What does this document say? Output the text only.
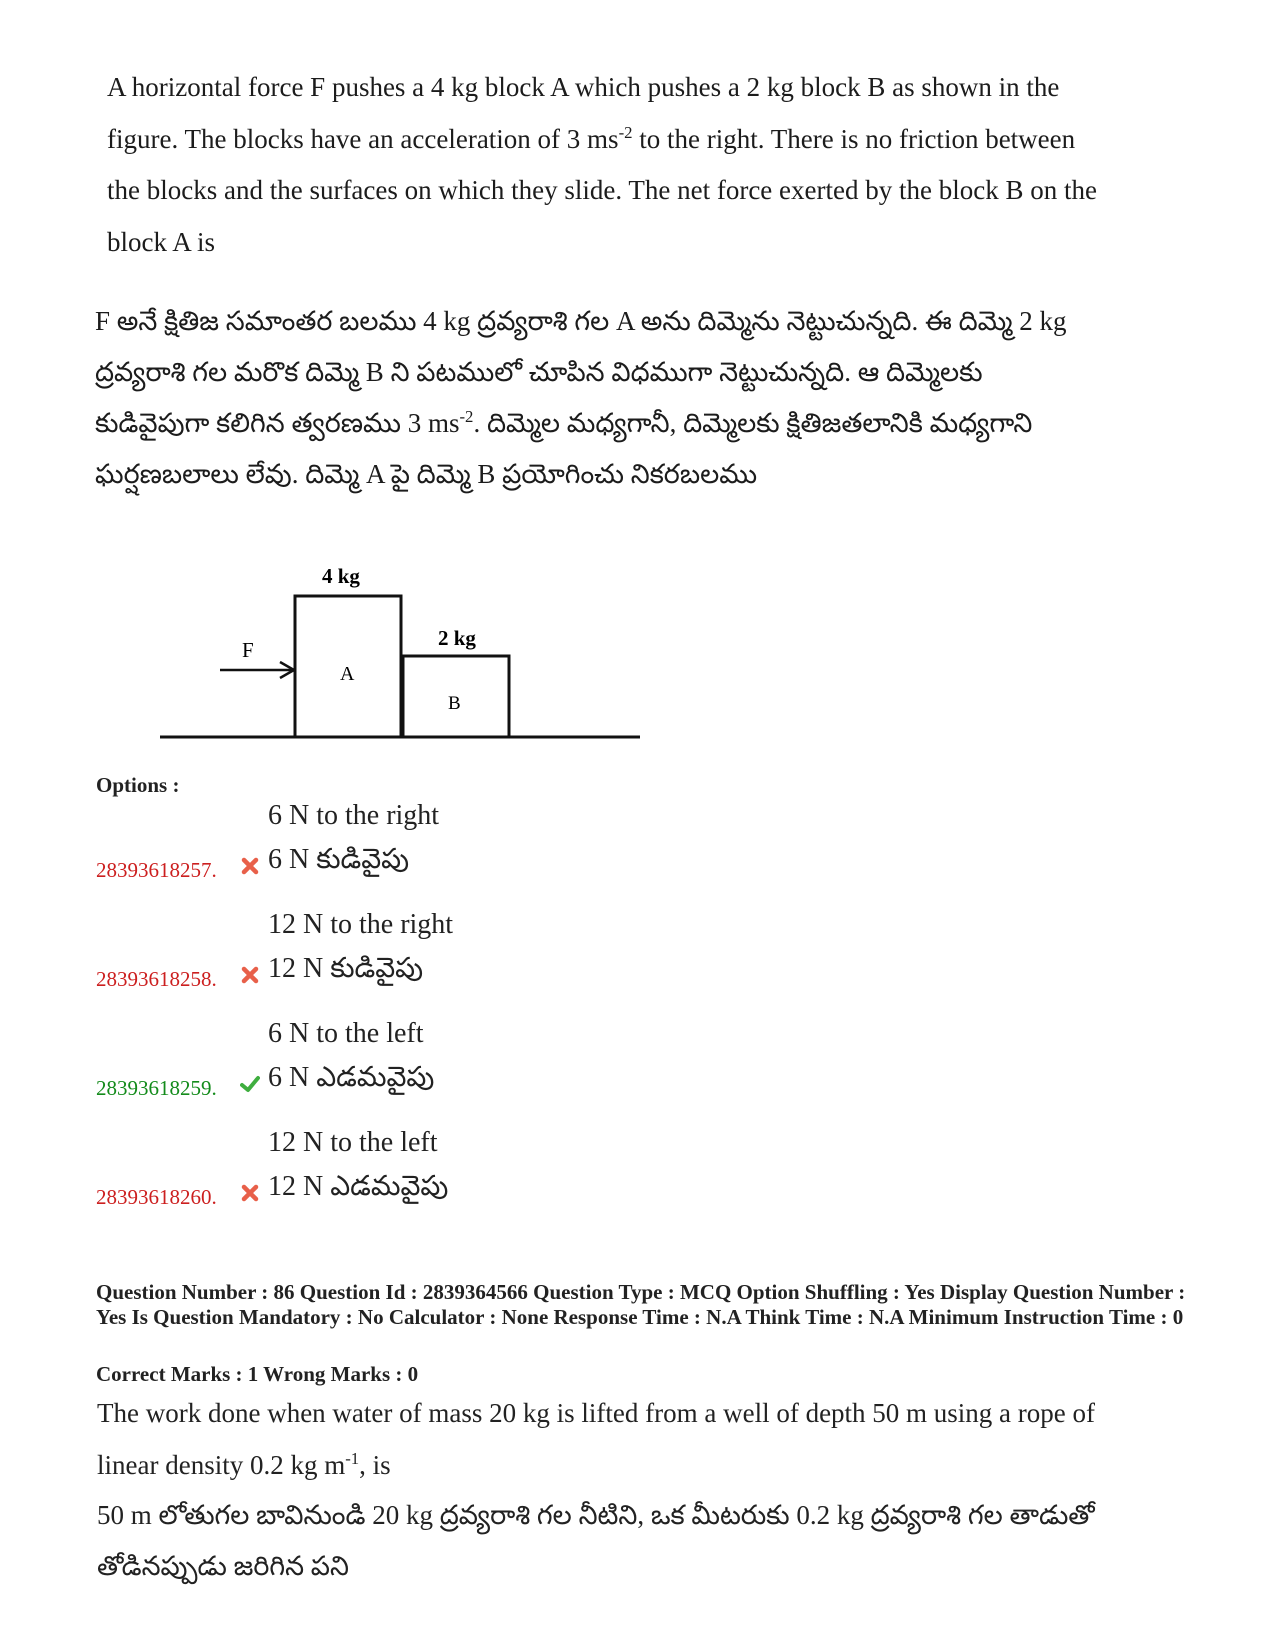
A horizontal force F pushes a 4 kg block A which pushes a 2 kg block B as shown in the figure. The blocks have an acceleration of 3 $ms^{-2}$ to the right. There is no friction between the blocks and the surfaces on which they slide. The net force exerted by the block B on the block A is
F అనే క్షితిజ సమాంతర బలము 4 kg ద్రవ్యరాశి గల A అను దిమ్మెను నెట్టుచున్నది. ఈ దిమ్మె 2 kg ద్రవ్యరాశి గల మరొక దిమ్మె B ని పటములో చూపిన విధముగా నెట్టుచున్నది. ఆ దిమ్మెలకు కుడివైపుగా కలిగిన త్వరణము 3 $ms^{-2}$. దిమ్మెల మధ్యగానీ, దిమ్మెలకు క్షితిజతలానికి మధ్యగాని ఘర్షణబలాలు లేవు. దిమ్మె A పై దిమ్మె B ప్రయోగించు నికరబలము
F
4 kg
A
2 kg
B
Options :
6 N to the right
6 N కుడివైపు
28393618257.
12 N to the right
12 N కుడివైపు
28393618258.
6 N to the left
6 N ఎడమవైపు
28393618259.
12 N to the left
12 N ఎడమవైపు
28393618260.
Question Number : 86 Question Id : 2839364566 Question Type : MCQ Option Shuffling : Yes Display Question Number : Yes Is Question Mandatory : No Calculator : None Response Time : N.A Think Time : N.A Minimum Instruction Time : 0
Correct Marks : 1 Wrong Marks : 0
The work done when water of mass 20 kg is lifted from a well of depth 50 m using a rope of linear density 0.2 kg $m^{-1}$, is
50 m లోతుగల బావినుండి 20 kg ద్రవ్యరాశి గల నీటిని, ఒక మీటరుకు 0.2 kg ద్రవ్యరాశి గల తాడుతో తోడినప్పుడు జరిగిన పని
